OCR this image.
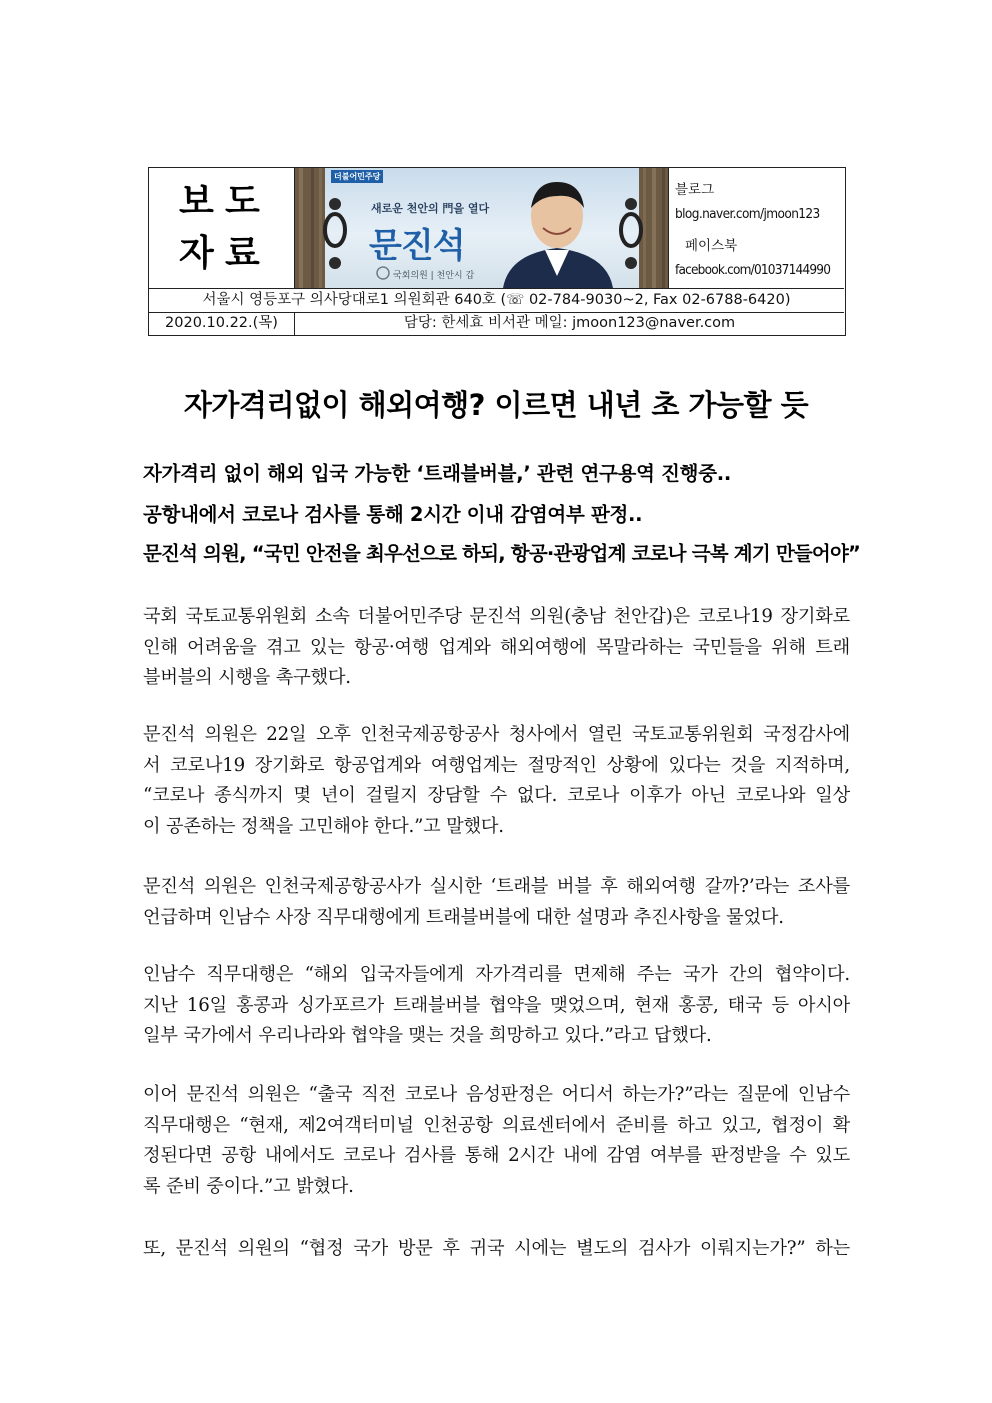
보 도
자 료
더불어민주당
새로운 천안의 門을 열다
문진석
국회의원 | 천안시 갑
블로그
blog.naver.com/jmoon123
페이스북
facebook.com/01037144990
서울시 영등포구 의사당대로1 의원회관 640호 (☏ 02-784-9030~2, Fax 02-6788-6420)
2020.10.22.(목)	담당: 한세효 비서관 메일: jmoon123@naver.com
자가격리없이 해외여행? 이르면 내년 초 가능할 듯
자가격리 없이 해외 입국 가능한 ‘트래블버블,’ 관련 연구용역 진행중..
공항내에서 코로나 검사를 통해 2시간 이내 감염여부 판정..
문진석 의원, “국민 안전을 최우선으로 하되, 항공·관광업계 코로나 극복 계기 만들어야”
국회 국토교통위원회 소속 더불어민주당 문진석 의원(충남 천안갑)은 코로나19 장기화로
인해 어려움을 겪고 있는 항공·여행 업계와 해외여행에 목말라하는 국민들을 위해 트래
블버블의 시행을 촉구했다.
문진석 의원은 22일 오후 인천국제공항공사 청사에서 열린 국토교통위원회 국정감사에
서 코로나19 장기화로 항공업계와 여행업계는 절망적인 상황에 있다는 것을 지적하며,
“코로나 종식까지 몇 년이 걸릴지 장담할 수 없다. 코로나 이후가 아닌 코로나와 일상
이 공존하는 정책을 고민해야 한다.”고 말했다.
문진석 의원은 인천국제공항공사가 실시한 ‘트래블 버블 후 해외여행 갈까?’라는 조사를
언급하며 인남수 사장 직무대행에게 트래블버블에 대한 설명과 추진사항을 물었다.
인남수 직무대행은 “해외 입국자들에게 자가격리를 면제해 주는 국가 간의 협약이다.
지난 16일 홍콩과 싱가포르가 트래블버블 협약을 맺었으며, 현재 홍콩, 태국 등 아시아
일부 국가에서 우리나라와 협약을 맺는 것을 희망하고 있다.”라고 답했다.
이어 문진석 의원은 “출국 직전 코로나 음성판정은 어디서 하는가?”라는 질문에 인남수
직무대행은 “현재, 제2여객터미널 인천공항 의료센터에서 준비를 하고 있고, 협정이 확
정된다면 공항 내에서도 코로나 검사를 통해 2시간 내에 감염 여부를 판정받을 수 있도
록 준비 중이다.”고 밝혔다.
또, 문진석 의원의 “협정 국가 방문 후 귀국 시에는 별도의 검사가 이뤄지는가?” 하는
